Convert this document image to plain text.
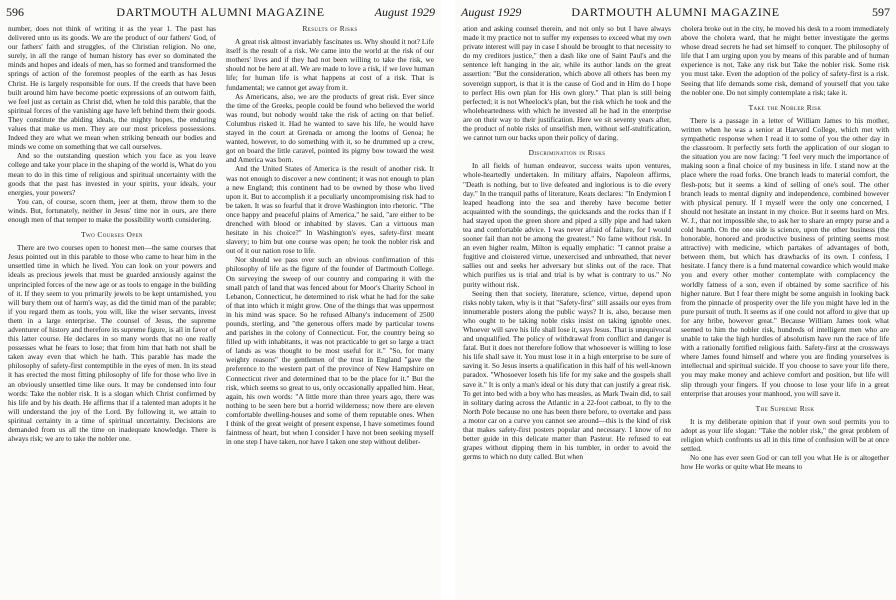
596	DARTMOUTH ALUMNI MAGAZINE	August 1929

number, does not think of writing it as the year 1. The past has delivered unto us its goods. We are the product of our fathers' God, of our fathers' faith and struggles, of the Christian religion. No one, surely, in all the range of human history has ever so dominated the minds and hopes and ideals of men, has so formed and transformed the springs of action of the foremost peoples of the earth as has Jesus Christ. He is largely responsible for ours. If the creeds that have been built around him have become poetic expressions of an outworn faith, we feel just as certain as Christ did, when he told this parable, that the spiritual forces of the vanishing age have left behind them their goods. They constitute the abiding ideals, the mighty hopes, the enduring values that make us men. They are our most priceless possessions. Indeed they are what we mean when striking beneath our bodies and minds we come on something that we call ourselves.

And so the outstanding question which you face as you leave college and take your place in the shaping of the world is, What do you mean to do in this time of religious and spiritual uncertainty with the goods that the past has invested in your spirits, your ideals, your energies, your powers?

You can, of course, scorn them, jeer at them, throw them to the winds. But, fortunately, neither in Jesus' time nor in ours, are there enough men of that temper to make the possibility worth considering.

Two Courses Open

There are two courses open to honest men—the same courses that Jesus pointed out in this parable to those who came to hear him in the unsettled time in which he lived. You can look on your powers and ideals as precious jewels that must be guarded anxiously against the unprincipled forces of the new age or as tools to engage in the building of it. If they seem to you primarily jewels to be kept untarnished, you will bury them out of harm's way, as did the timid man of the parable; if you regard them as tools, you will, like the wiser servants, invest them in a large enterprise. The counsel of Jesus, the supreme adventurer of history and therefore its supreme figure, is all in favor of this latter course. He declares in so many words that no one really possesses what he fears to lose; that from him that hath not shall be taken away even that which he hath. This parable has made the philosophy of safety-first contemptible in the eyes of men. In its stead it has erected the most fitting philosophy of life for those who live in an obviously unsettled time like ours. It may be condensed into four words: Take the nobler risk. It is a slogan which Christ confirmed by his life and by his death. He affirms that if a talented man adopts it he will understand the joy of the Lord. By following it, we attain to spiritual certainty in a time of spiritual uncertainty. Decisions are demanded from us all the time on inadequate knowledge. There is always risk; we are to take the nobler one.

Results of Risks

A great risk almost invariably fascinates us. Why should it not? Life itself is the result of a risk. We came into the world at the risk of our mothers' lives and if they had not been willing to take the risk, we should not be here at all. We are made to love a risk, if we love human life; for human life is what happens at cost of a risk. That is fundamental; we cannot get away from it.

As Americans, also, we are the products of great risk. Ever since the time of the Greeks, people could be found who believed the world was round, but nobody would take the risk of acting on that belief. Columbus risked it. Had he wanted to save his life, he would have stayed in the court at Grenada or among the looms of Genoa; he wanted, however, to do something with it, so he drummed up a crew, got on board the little caravel, pointed its pigmy bow toward the west and America was born.

And the United States of America is the result of another risk. It was not enough to discover a new continent; it was not enough to plan a new England; this continent had to be owned by those who lived upon it. But to accomplish it a peculiarly uncompromising risk had to be taken. It was so fearful that it drove Washington into rhetoric. "The once happy and peaceful plains of America," he said, "are either to be drenched with blood or inhabited by slaves. Can a virtuous man hesitate in his choice?" In Washington's eyes, safety-first meant slavery; to him but one course was open; he took the nobler risk and out of it our nation rose to life.

Nor should we pass over such an obvious confirmation of this philosophy of life as the figure of the founder of Dartmouth College. On surveying the sweep of our country and comparing it with the small patch of land that was fenced about for Moor's Charity School in Lebanon, Connecticut, he determined to risk what he had for the sake of that into which it might grow. One of the things that was uppermost in his mind was space. So he refused Albany's inducement of 2500 pounds, sterling, and "the generous offers made by particular towns and parishes in the colony of Connecticut. For, the country being so filled up with inhabitants, it was not practicable to get so large a tract of lands as was thought to be most useful for it." "So, for many weighty reasons" the gentlemen of the trust in England "gave the preference to the western part of the province of New Hampshire on Connecticut river and determined that to be the place for it." But the risk, which seems so great to us, only occasionally appalled him. Hear, again, his own words: "A little more than three years ago, there was nothing to be seen here but a horrid wilderness; now there are eleven comfortable dwelling-houses and some of them reputable ones. When I think of the great weight of present expense, I have sometimes found faintness of heart, but when I consider I have not been seeking myself in one step I have taken, nor have I taken one step without deliber-

August 1929	DARTMOUTH ALUMNI MAGAZINE	597

ation and asking counsel therein, and not only so but I have always made it my practice not to suffer my expenses to exceed what my own private interest will pay in case I should be brought to that necessity to do my creditors justice," then a dash like one of Saint Paul's and the sentence left hanging in the air, while its author lands on the great assertion: "But the consideration, which above all others has been my sovereign support, is that it is the cause of God and in Him do I hope to perfect His own plan for His own glory." That plan is still being perfected; it is not Wheelock's plan, but the risk which he took and the wholeheartedness with which he invested all he had in the enterprise are on their way to their justification. Here we sit seventy years after, the product of noble risks of unselfish men, without self-stultification, we cannot turn our backs upon their policy of daring.

Discrimination in Risks

In all fields of human endeavor, success waits upon ventures, whole-heartedly undertaken. In military affairs, Napoleon affirms, "Death is nothing, but to live defeated and inglorious is to die every day." In the tranquil paths of literature, Keats declares: "In Endymion I leaped headlong into the sea and thereby have become better acquainted with the soundings, the quicksands and the rocks than if I had stayed upon the green shore and piped a silly pipe and had taken tea and comfortable advice. I was never afraid of failure, for I would sooner fail than not be among the greatest." No fame without risk. In an even higher realm, Milton is equally emphatic: "I cannot praise a fugitive and cloistered virtue, unexercised and unbreathed, that never sallies out and seeks her adversary but slinks out of the race. That which purifies us is trial and trial is by what is contrary to us." No purity without risk.

Seeing then that society, literature, science, virtue, depend upon risks nobly taken, why is it that "Safety-first" still assails our eyes from innumerable posters along the public ways? It is, also, because men who ought to be taking noble risks insist on taking ignoble ones. Whoever will save his life shall lose it, says Jesus. That is unequivocal and unqualified. The policy of withdrawal from conflict and danger is fatal. But it does not therefore follow that whosoever is willing to lose his life shall save it. You must lose it in a high enterprise to be sure of saving it. So Jesus inserts a qualification in this half of his well-known paradox. "Whosoever loseth his life for my sake and the gospels shall save it." It is only a man's ideal or his duty that can justify a great risk. To get into bed with a boy who has measles, as Mark Twain did, to sail in solitary daring across the Atlantic in a 22-foot catboat, to fly to the North Pole because no one has been there before, to overtake and pass a motor car on a curve you cannot see around—this is the kind of risk that makes safety-first posters popular and necessary. I know of no better guide in this delicate matter than Pasteur. He refused to eat grapes without dipping them in his tumbler, in order to avoid the germs to which no duty called. But when

cholera broke out in the city, he moved his desk to a room immediately above the cholera ward, that he might better investigate the germs whose dread secrets he had set himself to conquer. The philosophy of life that I am urging upon you by means of this parable and of human experience is not, Take any risk but Take the nobler risk. Some risk you must take. Even the adoption of the policy of safety-first is a risk. Seeing that life demands some risk, demand of yourself that you take the nobler one. Do not simply contemplate a risk; take it.

Take the Nobler Risk

There is a passage in a letter of William James to his mother, written when he was a senior at Harvard College, which met with sympathetic response when I read it to some of you the other day in the classroom. It perfectly sets forth the application of our slogan to the situation you are now facing: "I feel very much the importance of making soon a final choice of my business in life. I stand now at the place where the road forks. One branch leads to material comfort, the flesh-pots; but it seems a kind of selling of one's soul. The other branch leads to mental dignity and independence, combined however with physical penury. If I myself were the only one concerned, I should not hesitate an instant in my choice. But it seems hard on Mrs. W. J., that not impossible she, to ask her to share an empty purse and a cold hearth. On the one side is science, upon the other business (the honorable, honored and productive business of printing seems most attractive) with medicine, which partakes of advantages of both, between them, but which has drawbacks of its own. I confess, I hesitate. I fancy there is a fund maternal cowardice which would make you and every other mother contemplate with complacency the worldly fatness of a son, even if obtained by some sacrifice of his higher nature. But I fear there might be some anguish in looking back from the pinnacle of prosperity over the life you might have led in the pure pursuit of truth. It seems as if one could not afford to give that up for any bribe, however great." Because William James took what seemed to him the nobler risk, hundreds of intelligent men who are unable to take the high hurdles of absolutism have run the race of life with a rationally fortified religious faith. Safety-first at the crossways where James found himself and where you are finding yourselves is intellectual and spiritual suicide. If you choose to save your life there, you may make money and achieve comfort and position, but life will slip through your fingers. If you choose to lose your life in a great enterprise that arouses your manhood, you will save it.

The Supreme Risk

It is my deliberate opinion that if your own soul permits you to adopt as your life slogan: "Take the nobler risk," the great problem of religion which confronts us all in this time of confusion will be at once settled.

No one has ever seen God or can tell you what He is or altogether how He works or quite what He means to
